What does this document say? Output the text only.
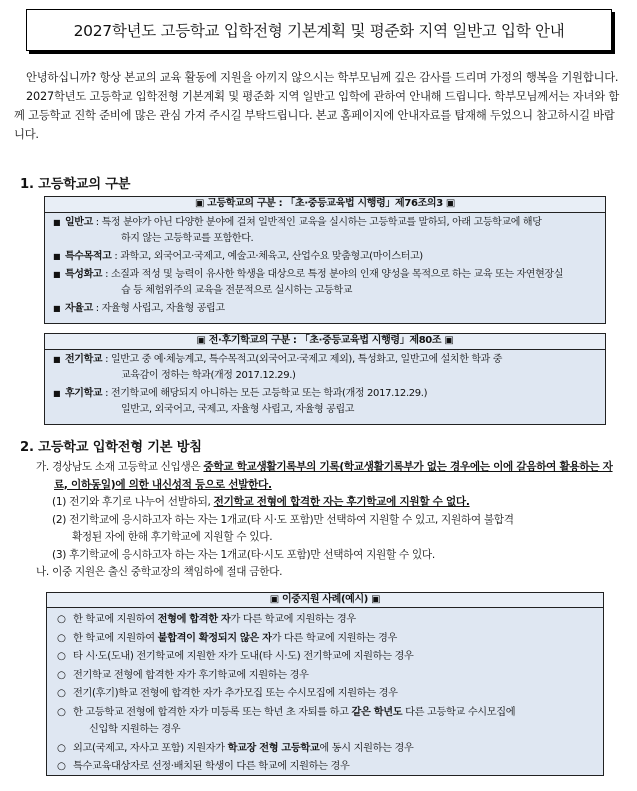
2027학년도 고등학교 입학전형 기본계획 및 평준화 지역 일반고 입학 안내

안녕하십니까? 항상 본교의 교육 활동에 지원을 아끼지 않으시는 학부모님께 깊은 감사를 드리며 가정의 행복을 기원합니다.

2027학년도 고등학교 입학전형 기본계획 및 평준화 지역 일반고 입학에 관하여 안내해 드립니다. 학부모님께서는 자녀와 함께 고등학교 진학 준비에 많은 관심 가져 주시길 부탁드립니다. 본교 홈페이지에 안내자료를 탑재해 두었으니 참고하시길 바랍니다.

1. 고등학교의 구분
▣ 고등학교의 구분 : 「초·중등교육법 시행령」제76조의3 ▣
■ 일반고 : 특정 분야가 아닌 다양한 분야에 걸쳐 일반적인 교육을 실시하는 고등학교를 말하되, 아래 고등학교에 해당
하지 않는 고등학교를 포함한다.
■ 특수목적고 : 과학고, 외국어고·국제고, 예술고·체육고, 산업수요 맞춤형고(마이스터고)
■ 특성화고 : 소질과 적성 및 능력이 유사한 학생을 대상으로 특정 분야의 인재 양성을 목적으로 하는 교육 또는 자연현장실
습 등 체험위주의 교육을 전문적으로 실시하는 고등학교
■ 자율고 : 자율형 사립고, 자율형 공립고
▣ 전·후기학교의 구분 : 「초·중등교육법 시행령」제80조 ▣
■ 전기학교 : 일반고 중 예·체능계고, 특수목적고(외국어고·국제고 제외), 특성화고, 일반고에 설치한 학과 중
교육감이 정하는 학과(개정 2017.12.29.)
■ 후기학교 : 전기학교에 해당되지 아니하는 모든 고등학교 또는 학과(개정 2017.12.29.)
일반고, 외국어고, 국제고, 자율형 사립고, 자율형 공립고
2. 고등학교 입학전형 기본 방침

가. 경상남도 소재 고등학교 신입생은 중학교 학교생활기록부의 기록(학교생활기록부가 없는 경우에는 이에 갈음하여 활용하는 자료, 이하동일)에 의한 내신성적 등으로 선발한다.

(1) 전기와 후기로 나누어 선발하되, 전기학교 전형에 합격한 자는 후기학교에 지원할 수 없다.

(2) 전기학교에 응시하고자 하는 자는 1개교(타 시·도 포함)만 선택하여 지원할 수 있고, 지원하여 불합격

확정된 자에 한해 후기학교에 지원할 수 있다.

(3) 후기학교에 응시하고자 하는 자는 1개교(타·시도 포함)만 선택하여 지원할 수 있다.

나. 이중 지원은 출신 중학교장의 책임하에 절대 금한다.

▣ 이중지원 사례(예시) ▣
○ 한 학교에 지원하여 전형에 합격한 자가 다른 학교에 지원하는 경우
○ 한 학교에 지원하여 불합격이 확정되지 않은 자가 다른 학교에 지원하는 경우
○ 타 시·도(도내) 전기학교에 지원한 자가 도내(타 시·도) 전기학교에 지원하는 경우
○ 전기학교 전형에 합격한 자가 후기학교에 지원하는 경우
○ 전기(후기)학교 전형에 합격한 자가 추가모집 또는 수시모집에 지원하는 경우
○ 한 고등학교 전형에 합격한 자가 미등록 또는 학년 초 자퇴를 하고 같은 학년도 다른 고등학교 수시모집에
신입학 지원하는 경우
○ 외고(국제고, 자사고 포함) 지원자가 학교장 전형 고등학교에 동시 지원하는 경우
○ 특수교육대상자로 선정·배치된 학생이 다른 학교에 지원하는 경우
